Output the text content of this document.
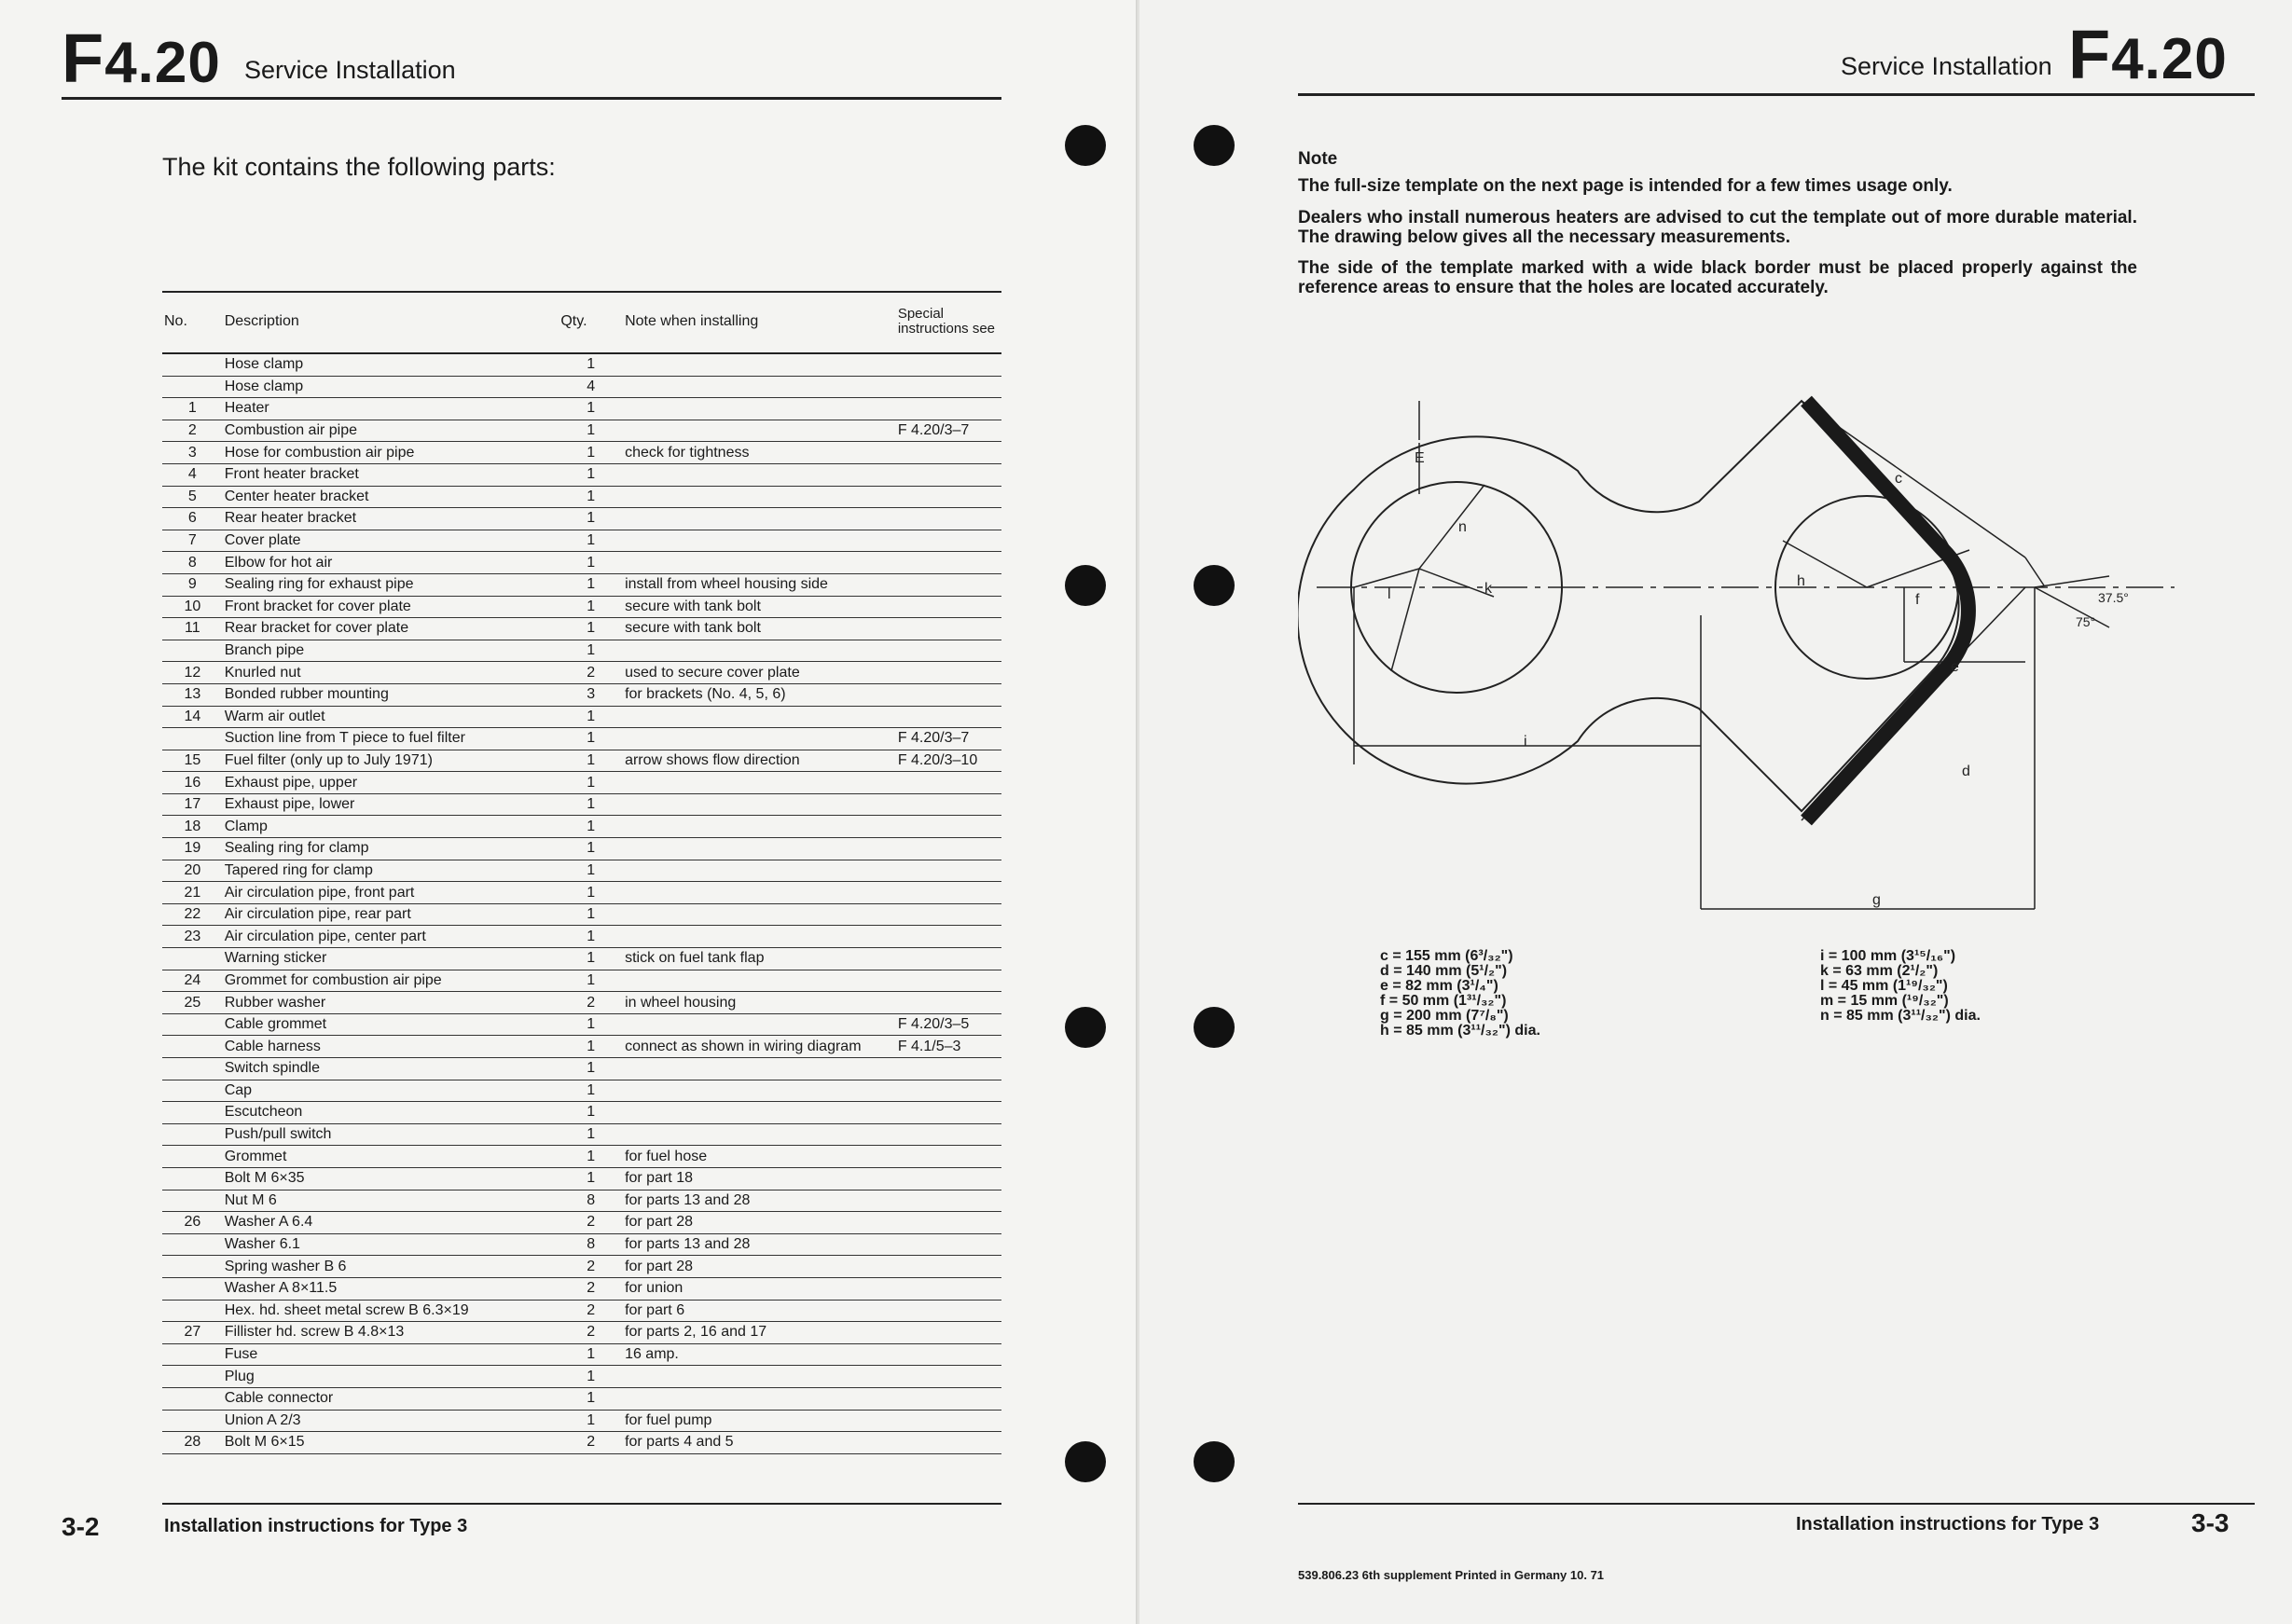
F4.20 Service Installation
The kit contains the following parts:
No.	Description	Qty.	Note when installing	Special instructions see
	Hose clamp	1		
	Hose clamp	4		
1	Heater	1		
2	Combustion air pipe	1		F 4.20/3–7
3	Hose for combustion air pipe	1	check for tightness	
4	Front heater bracket	1		
5	Center heater bracket	1		
6	Rear heater bracket	1		
7	Cover plate	1		
8	Elbow for hot air	1		
9	Sealing ring for exhaust pipe	1	install from wheel housing side	
10	Front bracket for cover plate	1	secure with tank bolt	
11	Rear bracket for cover plate	1	secure with tank bolt	
	Branch pipe	1		
12	Knurled nut	2	used to secure cover plate	
13	Bonded rubber mounting	3	for brackets (No. 4, 5, 6)	
14	Warm air outlet	1		
	Suction line from T piece to fuel filter	1		F 4.20/3–7
15	Fuel filter (only up to July 1971)	1	arrow shows flow direction	F 4.20/3–10
16	Exhaust pipe, upper	1		
17	Exhaust pipe, lower	1		
18	Clamp	1		
19	Sealing ring for clamp	1		
20	Tapered ring for clamp	1		
21	Air circulation pipe, front part	1		
22	Air circulation pipe, rear part	1		
23	Air circulation pipe, center part	1		
	Warning sticker	1	stick on fuel tank flap	
24	Grommet for combustion air pipe	1		
25	Rubber washer	2	in wheel housing	
	Cable grommet	1		F 4.20/3–5
	Cable harness	1	connect as shown in wiring diagram	F 4.1/5–3
	Switch spindle	1		
	Cap	1		
	Escutcheon	1		
	Push/pull switch	1		
	Grommet	1	for fuel hose	
	Bolt M 6×35	1	for part 18	
	Nut M 6	8	for parts 13 and 28	
26	Washer A 6.4	2	for part 28	
	Washer 6.1	8	for parts 13 and 28	
	Spring washer B 6	2	for part 28	
	Washer A 8×11.5	2	for union	
	Hex. hd. sheet metal screw B 6.3×19	2	for part 6	
27	Fillister hd. screw B 4.8×13	2	for parts 2, 16 and 17	
	Fuse	1	16 amp.	
	Plug	1		
	Cable connector	1		
	Union A 2/3	1	for fuel pump	
28	Bolt M 6×15	2	for parts 4 and 5	
3-2	Installation instructions for Type 3
Service Installation F4.20

Note

The full-size template on the next page is intended for a few times usage only.

Dealers who install numerous heaters are advised to cut the template out of more durable material. The drawing below gives all the necessary measurements.

The side of the template marked with a wide black border must be placed properly against the reference areas to ensure that the holes are located accurately.

E
n
l	k
i
c
h
f
e
d
g
75°
37.5°
c = 155 mm (6³/₃₂")
d = 140 mm (5¹/₂")
e = 82 mm (3¹/₄")
f = 50 mm (1³¹/₃₂")
g = 200 mm (7⁷/₈")
h = 85 mm (3¹¹/₃₂") dia.
i = 100 mm (3¹⁵/₁₆")
k = 63 mm (2¹/₂")
l = 45 mm (1¹⁹/₃₂")
m = 15 mm (¹⁹/₃₂")
n = 85 mm (3¹¹/₃₂") dia.
Installation instructions for Type 3	3-3
539.806.23 6th supplement Printed in Germany 10. 71
